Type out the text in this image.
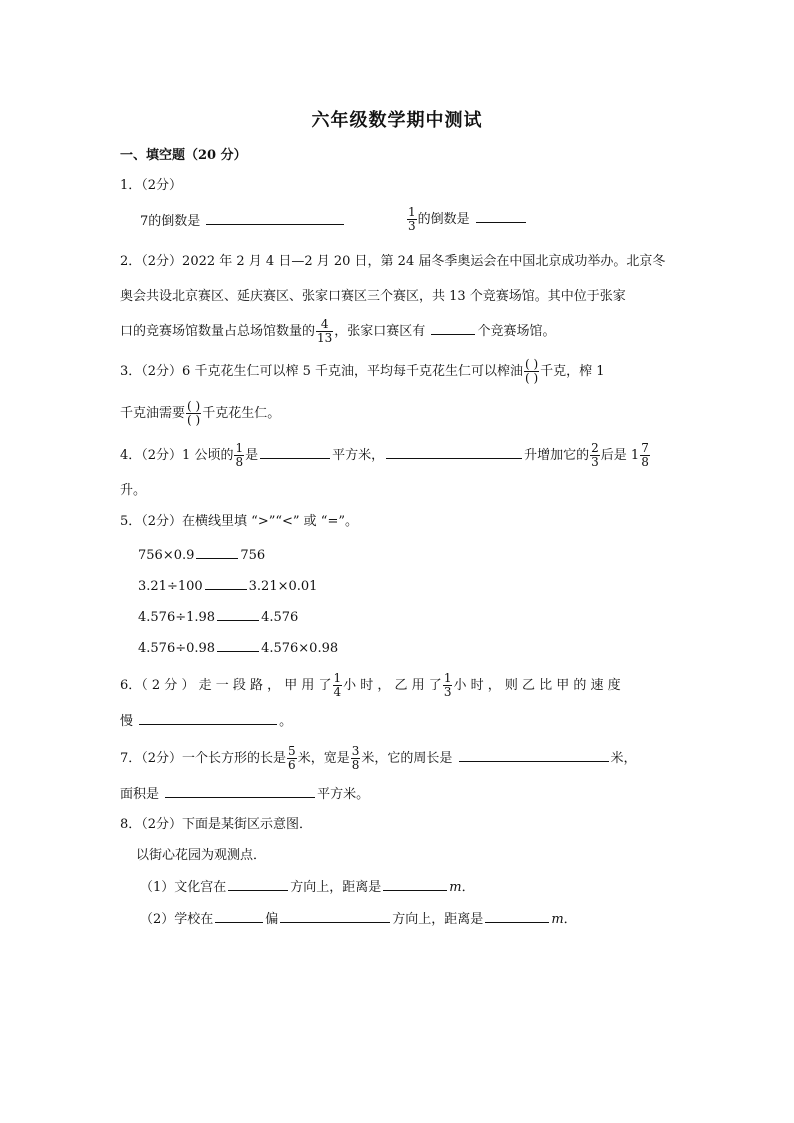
六年级数学期中测试
一、填空题（20 分）
1．（2分）
7的倒数是	$\frac{1}{3}$ 的倒数是
2．（2分）2022 年 2 月 4 日—2 月 20 日，第 24 届冬季奥运会在中国北京成功举办。北京冬
奥会共设北京赛区、延庆赛区、张家口赛区三个赛区，共 13 个竞赛场馆。其中位于张家
口的竞赛场馆数量占总场馆数量的 $\frac{4}{13}$ ，张家口赛区有	个竞赛场馆。
3．（2分）6 千克花生仁可以榨 5 千克油，平均每千克花生仁可以榨油 $\frac{( )}{( )}$ 千克，榨 1
千克油需要 $\frac{( )}{( )}$ 千克花生仁。
4．（2分）1 公顷的 $\frac{1}{8}$ 是	平方米，	升增加它的 $\frac{2}{3}$ 后是 $1 \frac{7}{8}$
升。
5．（2分）在横线里填 “>”“<” 或 “=”。
756×0.9	756
3.21÷100	3.21×0.01
4.576÷1.98	4.576
4.576÷0.98	4.576×0.98
6．（ 2 分 ） 走 一 段 路 ， 甲 用 了 $\frac{1}{4}$ 小 时 ， 乙 用 了 $\frac{1}{3}$ 小 时 ， 则 乙 比 甲 的 速 度
慢	。
7．（2分）一个长方形的长是 $\frac{5}{6}$ 米，宽是 $\frac{3}{8}$ 米，它的周长是	米，
面积是	平方米。
8．（2分）下面是某街区示意图．
以街心花园为观测点．
（1）文化宫在	方向上，距离是	m．
（2）学校在	偏	方向上，距离是	m．
